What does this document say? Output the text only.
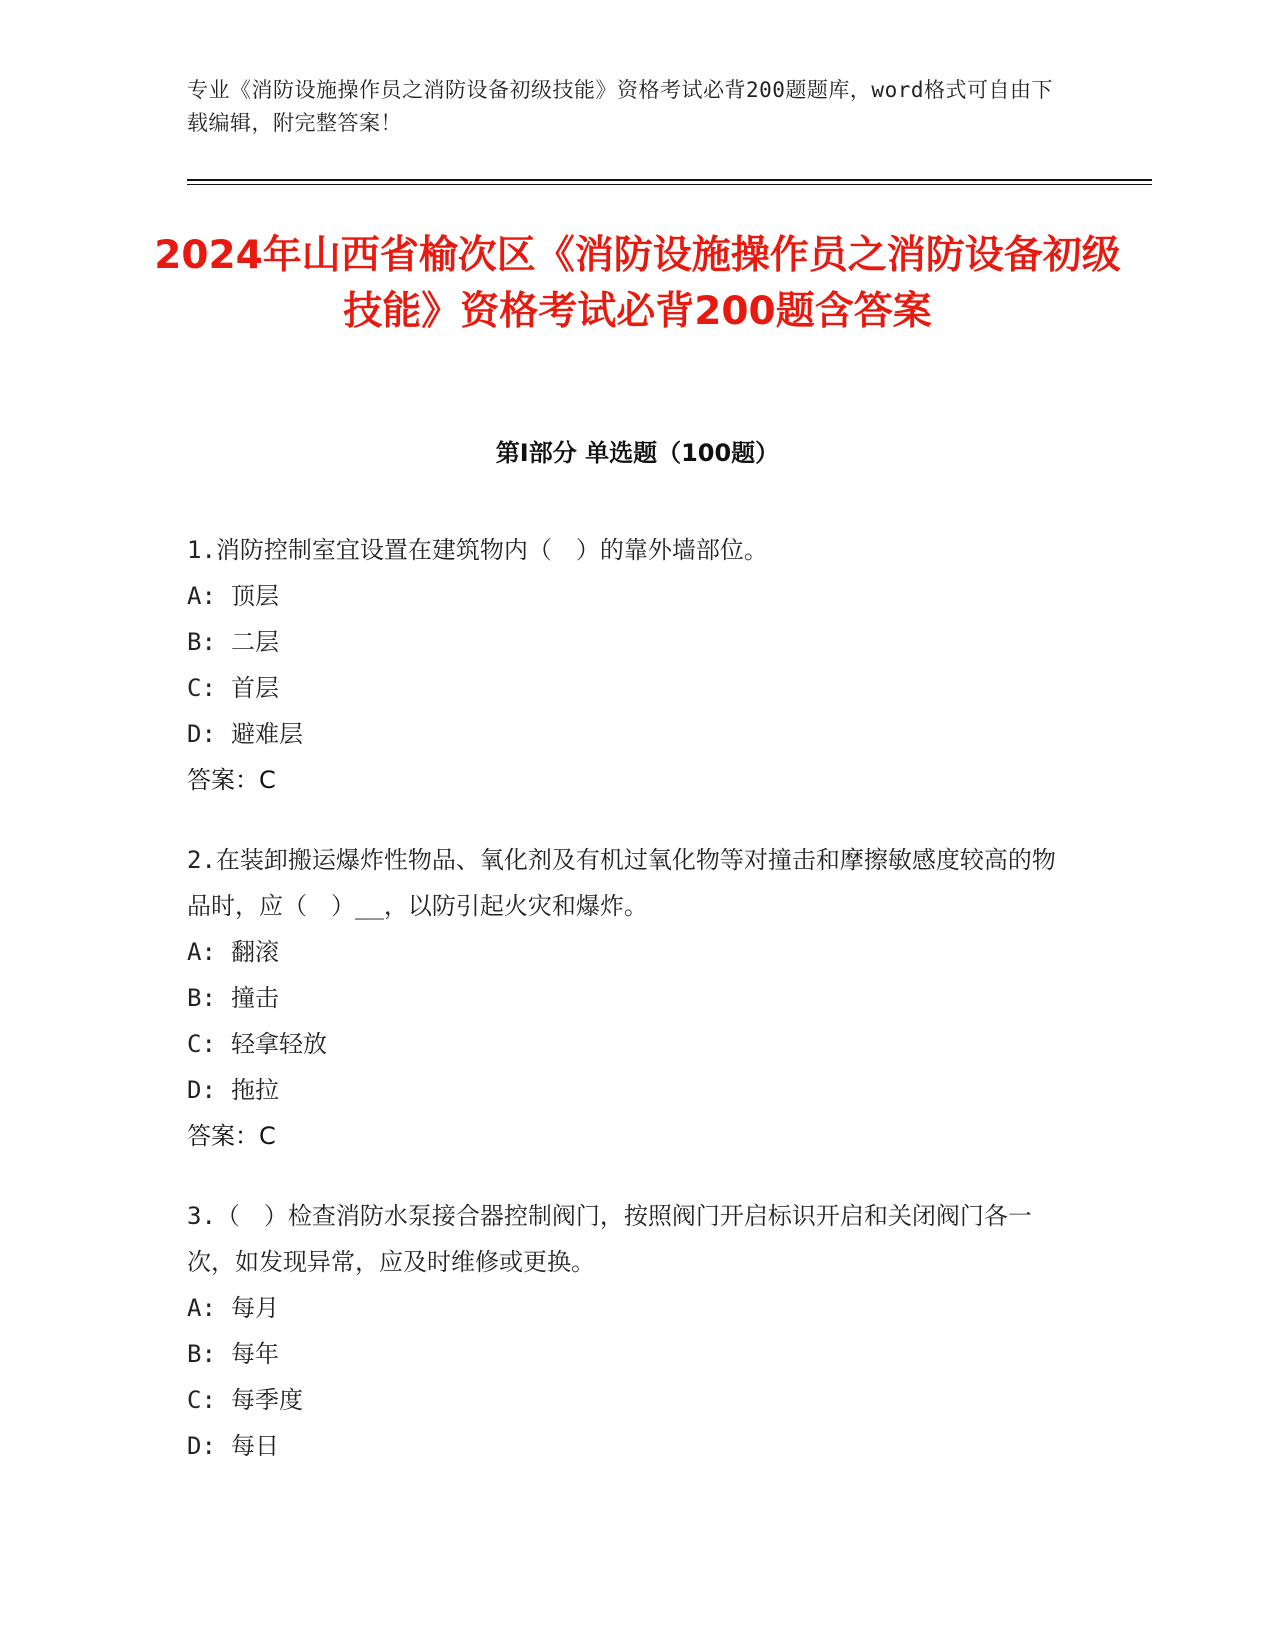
专业《消防设施操作员之消防设备初级技能》资格考试必背200题题库，word格式可自由下载编辑，附完整答案！
2024年山西省榆次区《消防设施操作员之消防设备初级技能》资格考试必背200题含答案
第I部分 单选题（100题）

1.消防控制室宜设置在建筑物内（　）的靠外墙部位。

A: 顶层

B: 二层

C: 首层

D: 避难层

答案：C

2.在装卸搬运爆炸性物品、氧化剂及有机过氧化物等对撞击和摩擦敏感度较高的物品时，应（　）__，以防引起火灾和爆炸。

A: 翻滚

B: 撞击

C: 轻拿轻放

D: 拖拉

答案：C

3.（　）检查消防水泵接合器控制阀门，按照阀门开启标识开启和关闭阀门各一次，如发现异常，应及时维修或更换。

A: 每月

B: 每年

C: 每季度

D: 每日
